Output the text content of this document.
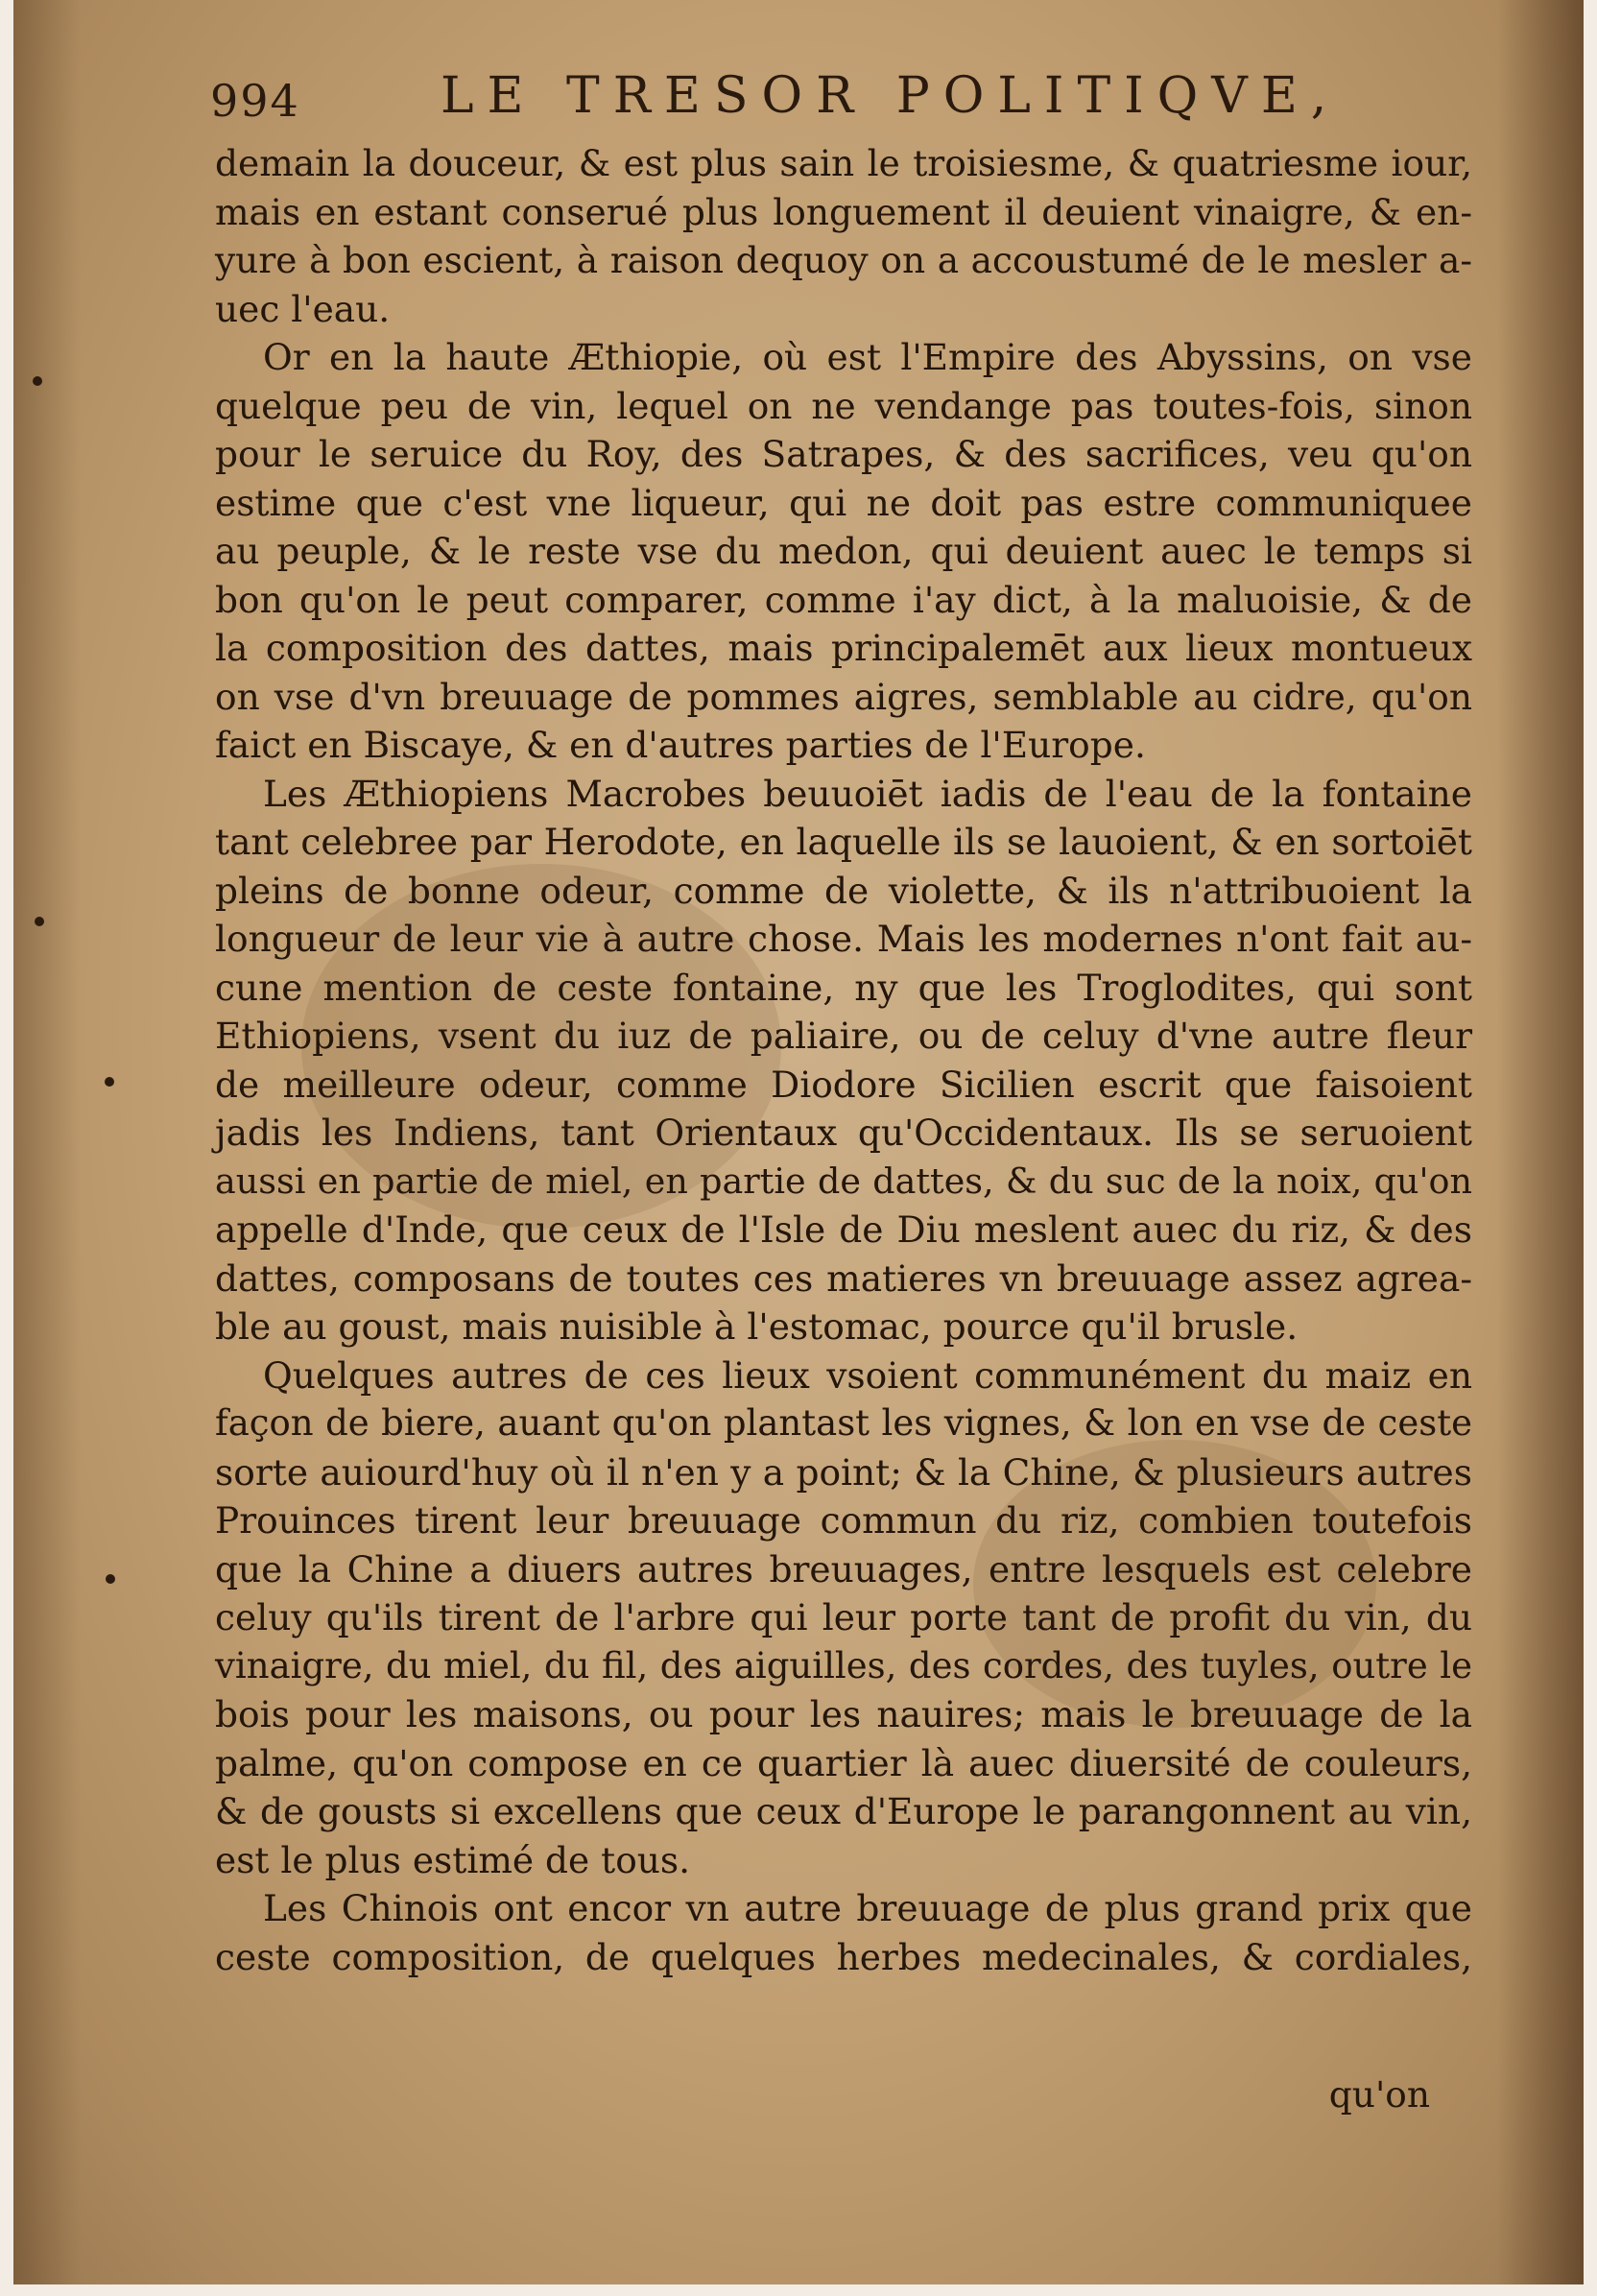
994	LE TRESOR POLITIQVE,
demain la douceur, & est plus sain le troisiesme, & quatriesme iour,
mais en estant conserué plus longuement il deuient vinaigre, & en-
yure à bon escient, à raison dequoy on a accoustumé de le mesler a-
uec l'eau.
Or en la haute Æthiopie, où est l'Empire des Abyssins, on vse
quelque peu de vin, lequel on ne vendange pas toutes-fois, sinon
pour le seruice du Roy, des Satrapes, & des sacrifices, veu qu'on
estime que c'est vne liqueur, qui ne doit pas estre communiquee
au peuple, & le reste vse du medon, qui deuient auec le temps si
bon qu'on le peut comparer, comme i'ay dict, à la maluoisie, & de
la composition des dattes, mais principalemēt aux lieux montueux
on vse d'vn breuuage de pommes aigres, semblable au cidre, qu'on
faict en Biscaye, & en d'autres parties de l'Europe.
Les Æthiopiens Macrobes beuuoiēt iadis de l'eau de la fontaine
tant celebree par Herodote, en laquelle ils se lauoient, & en sortoiēt
pleins de bonne odeur, comme de violette, & ils n'attribuoient la
longueur de leur vie à autre chose. Mais les modernes n'ont fait au-
cune mention de ceste fontaine, ny que les Troglodites, qui sont
Ethiopiens, vsent du iuz de paliaire, ou de celuy d'vne autre fleur
de meilleure odeur, comme Diodore Sicilien escrit que faisoient
jadis les Indiens, tant Orientaux qu'Occidentaux. Ils se seruoient
aussi en partie de miel, en partie de dattes, & du suc de la noix, qu'on
appelle d'Inde, que ceux de l'Isle de Diu meslent auec du riz, & des
dattes, composans de toutes ces matieres vn breuuage assez agrea-
ble au goust, mais nuisible à l'estomac, pource qu'il brusle.
Quelques autres de ces lieux vsoient communément du maiz en
façon de biere, auant qu'on plantast les vignes, & lon en vse de ceste
sorte auiourd'huy où il n'en y a point; & la Chine, & plusieurs autres
Prouinces tirent leur breuuage commun du riz, combien toutefois
que la Chine a diuers autres breuuages, entre lesquels est celebre
celuy qu'ils tirent de l'arbre qui leur porte tant de profit du vin, du
vinaigre, du miel, du fil, des aiguilles, des cordes, des tuyles, outre le
bois pour les maisons, ou pour les nauires; mais le breuuage de la
palme, qu'on compose en ce quartier là auec diuersité de couleurs,
& de gousts si excellens que ceux d'Europe le parangonnent au vin,
est le plus estimé de tous.
Les Chinois ont encor vn autre breuuage de plus grand prix que
ceste composition, de quelques herbes medecinales, & cordiales,
qu'on
